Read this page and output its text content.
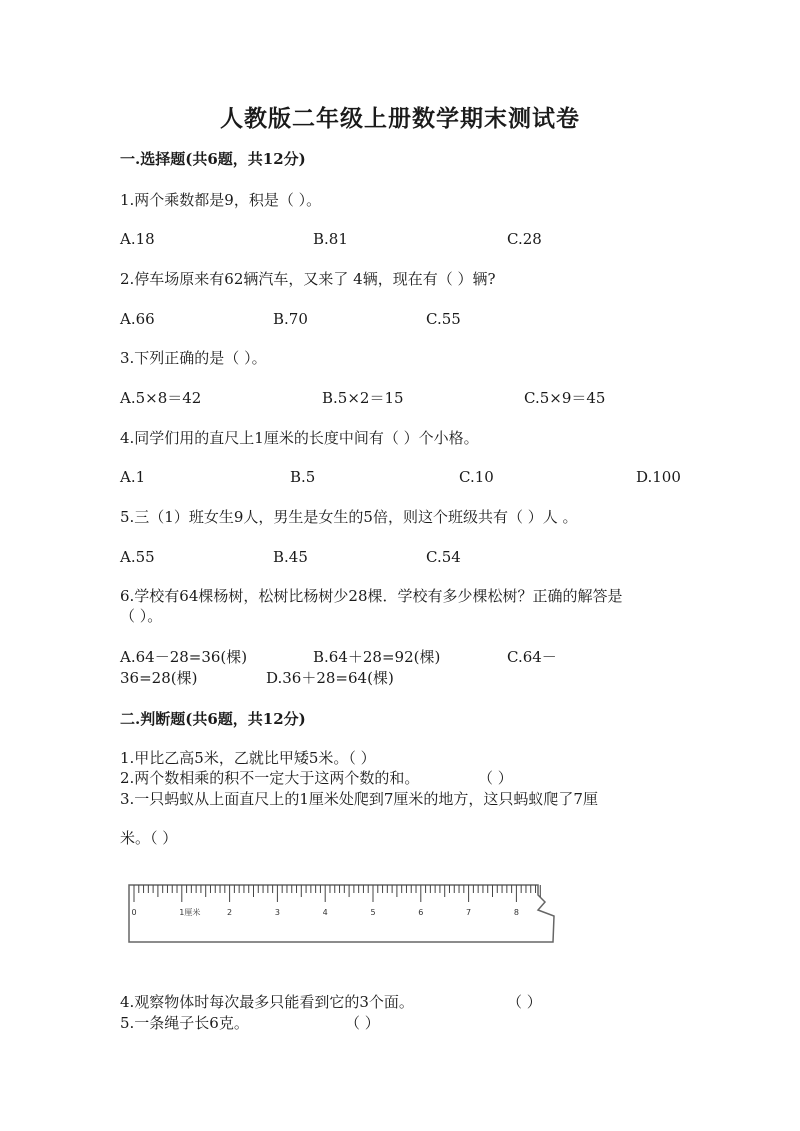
人教版二年级上册数学期末测试卷
一.选择题(共6题，共12分)
1.两个乘数都是9，积是（ ）。
A.18	B.81	C.28
2.停车场原来有62辆汽车，又来了 4辆，现在有（ ）辆?
A.66	B.70	C.55
3.下列正确的是（ ）。
A.5×8＝42	B.5×2＝15	C.5×9＝45
4.同学们用的直尺上1厘米的长度中间有（ ）个小格。
A.1	B.5	C.10	D.100
5.三（1）班女生9人，男生是女生的5倍，则这个班级共有（ ）人 。
A.55	B.45	C.54
6.学校有64棵杨树，松树比杨树少28棵．学校有多少棵松树？正确的解答是
（ ）。
A.64－28=36(棵)	B.64＋28=92(棵)	C.64－
36=28(棵)	D.36＋28=64(棵)
二.判断题(共6题，共12分)
1.甲比乙高5米，乙就比甲矮5米。（ ）
2.两个数相乘的积不一定大于这两个数的和。	（ ）
3.一只蚂蚁从上面直尺上的1厘米处爬到7厘米的地方，这只蚂蚁爬了7厘
米。（ ）
0	1厘米	2	3	4	5	6	7	8
4.观察物体时每次最多只能看到它的3个面。	（ ）
5.一条绳子长6克。	（ ）
